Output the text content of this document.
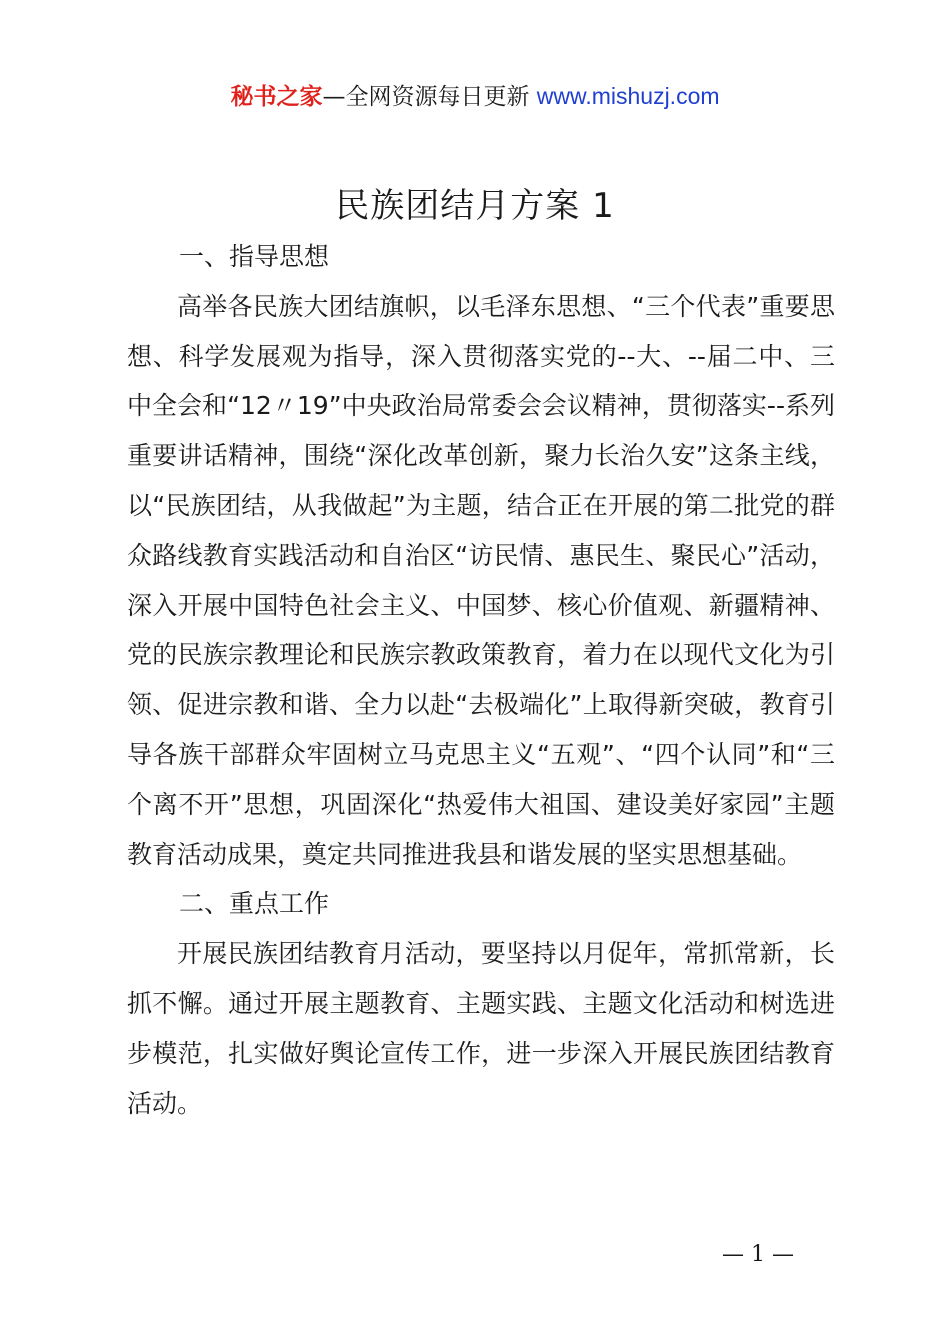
秘书之家—全网资源每日更新 www.mishuzj.com
民族团结月方案 1

一、指导思想

高举各民族大团结旗帜，以毛泽东思想、“三个代表”重要思想、科学发展观为指导，深入贯彻落实党的--大、--届二中、三中全会和“12〃19”中央政治局常委会会议精神，贯彻落实--系列重要讲话精神，围绕“深化改革创新，聚力长治久安”这条主线，以“民族团结，从我做起”为主题，结合正在开展的第二批党的群众路线教育实践活动和自治区“访民情、惠民生、聚民心”活动，深入开展中国特色社会主义、中国梦、核心价值观、新疆精神、党的民族宗教理论和民族宗教政策教育，着力在以现代文化为引领、促进宗教和谐、全力以赴“去极端化”上取得新突破，教育引导各族干部群众牢固树立马克思主义“五观”、“四个认同”和“三个离不开”思想，巩固深化“热爱伟大祖国、建设美好家园”主题教育活动成果，奠定共同推进我县和谐发展的坚实思想基础。

二、重点工作

开展民族团结教育月活动，要坚持以月促年，常抓常新，长抓不懈。通过开展主题教育、主题实践、主题文化活动和树选进步模范，扎实做好舆论宣传工作，进一步深入开展民族团结教育活动。

— 1 —
